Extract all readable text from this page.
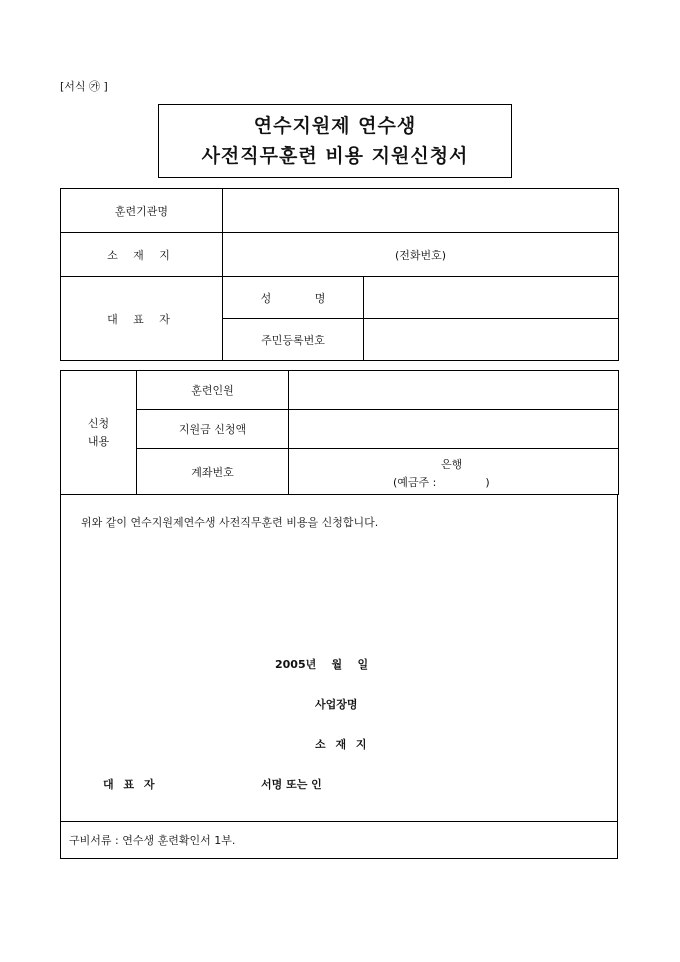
[서식 ㉮ ]
연수지원제 연수생
사전직무훈련 비용 지원신청서
훈련기관명		
소 재 지	(전화번호)	
대 표 자	성 명	
	주민등록번호	
신청
내용	훈련인원	
	지원금 신청액	
	계좌번호	은행
(예금주 :              )
위와 같이 연수지원제연수생 사전직무훈련 비용을 신청합니다.
2005년    월    일
사업장명
소 재 지
대 표 자	서명 또는 인
구비서류 : 연수생 훈련확인서 1부.
